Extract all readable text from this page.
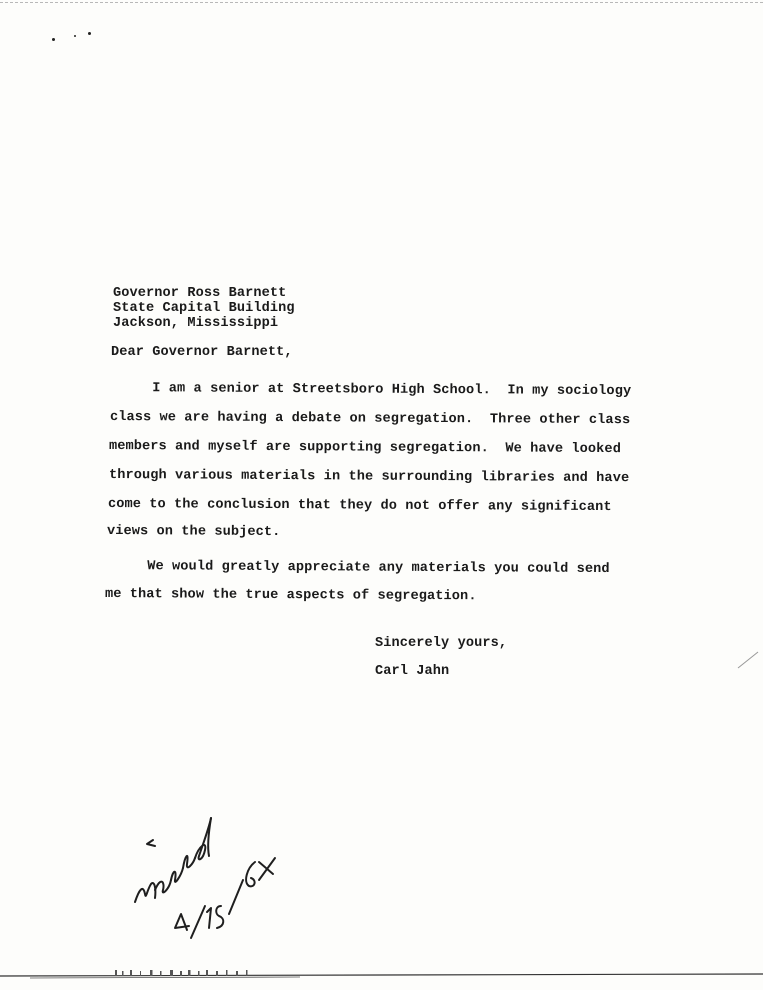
Governor Ross Barnett
State Capital Building
Jackson, Mississippi
Dear Governor Barnett,
I am a senior at Streetsboro High School.  In my sociology
class we are having a debate on segregation.  Three other class
members and myself are supporting segregation.  We have looked
through various materials in the surrounding libraries and have
come to the conclusion that they do not offer any significant
views on the subject.
We would greatly appreciate any materials you could send
me that show the true aspects of segregation.
Sincerely yours,
Carl Jahn
